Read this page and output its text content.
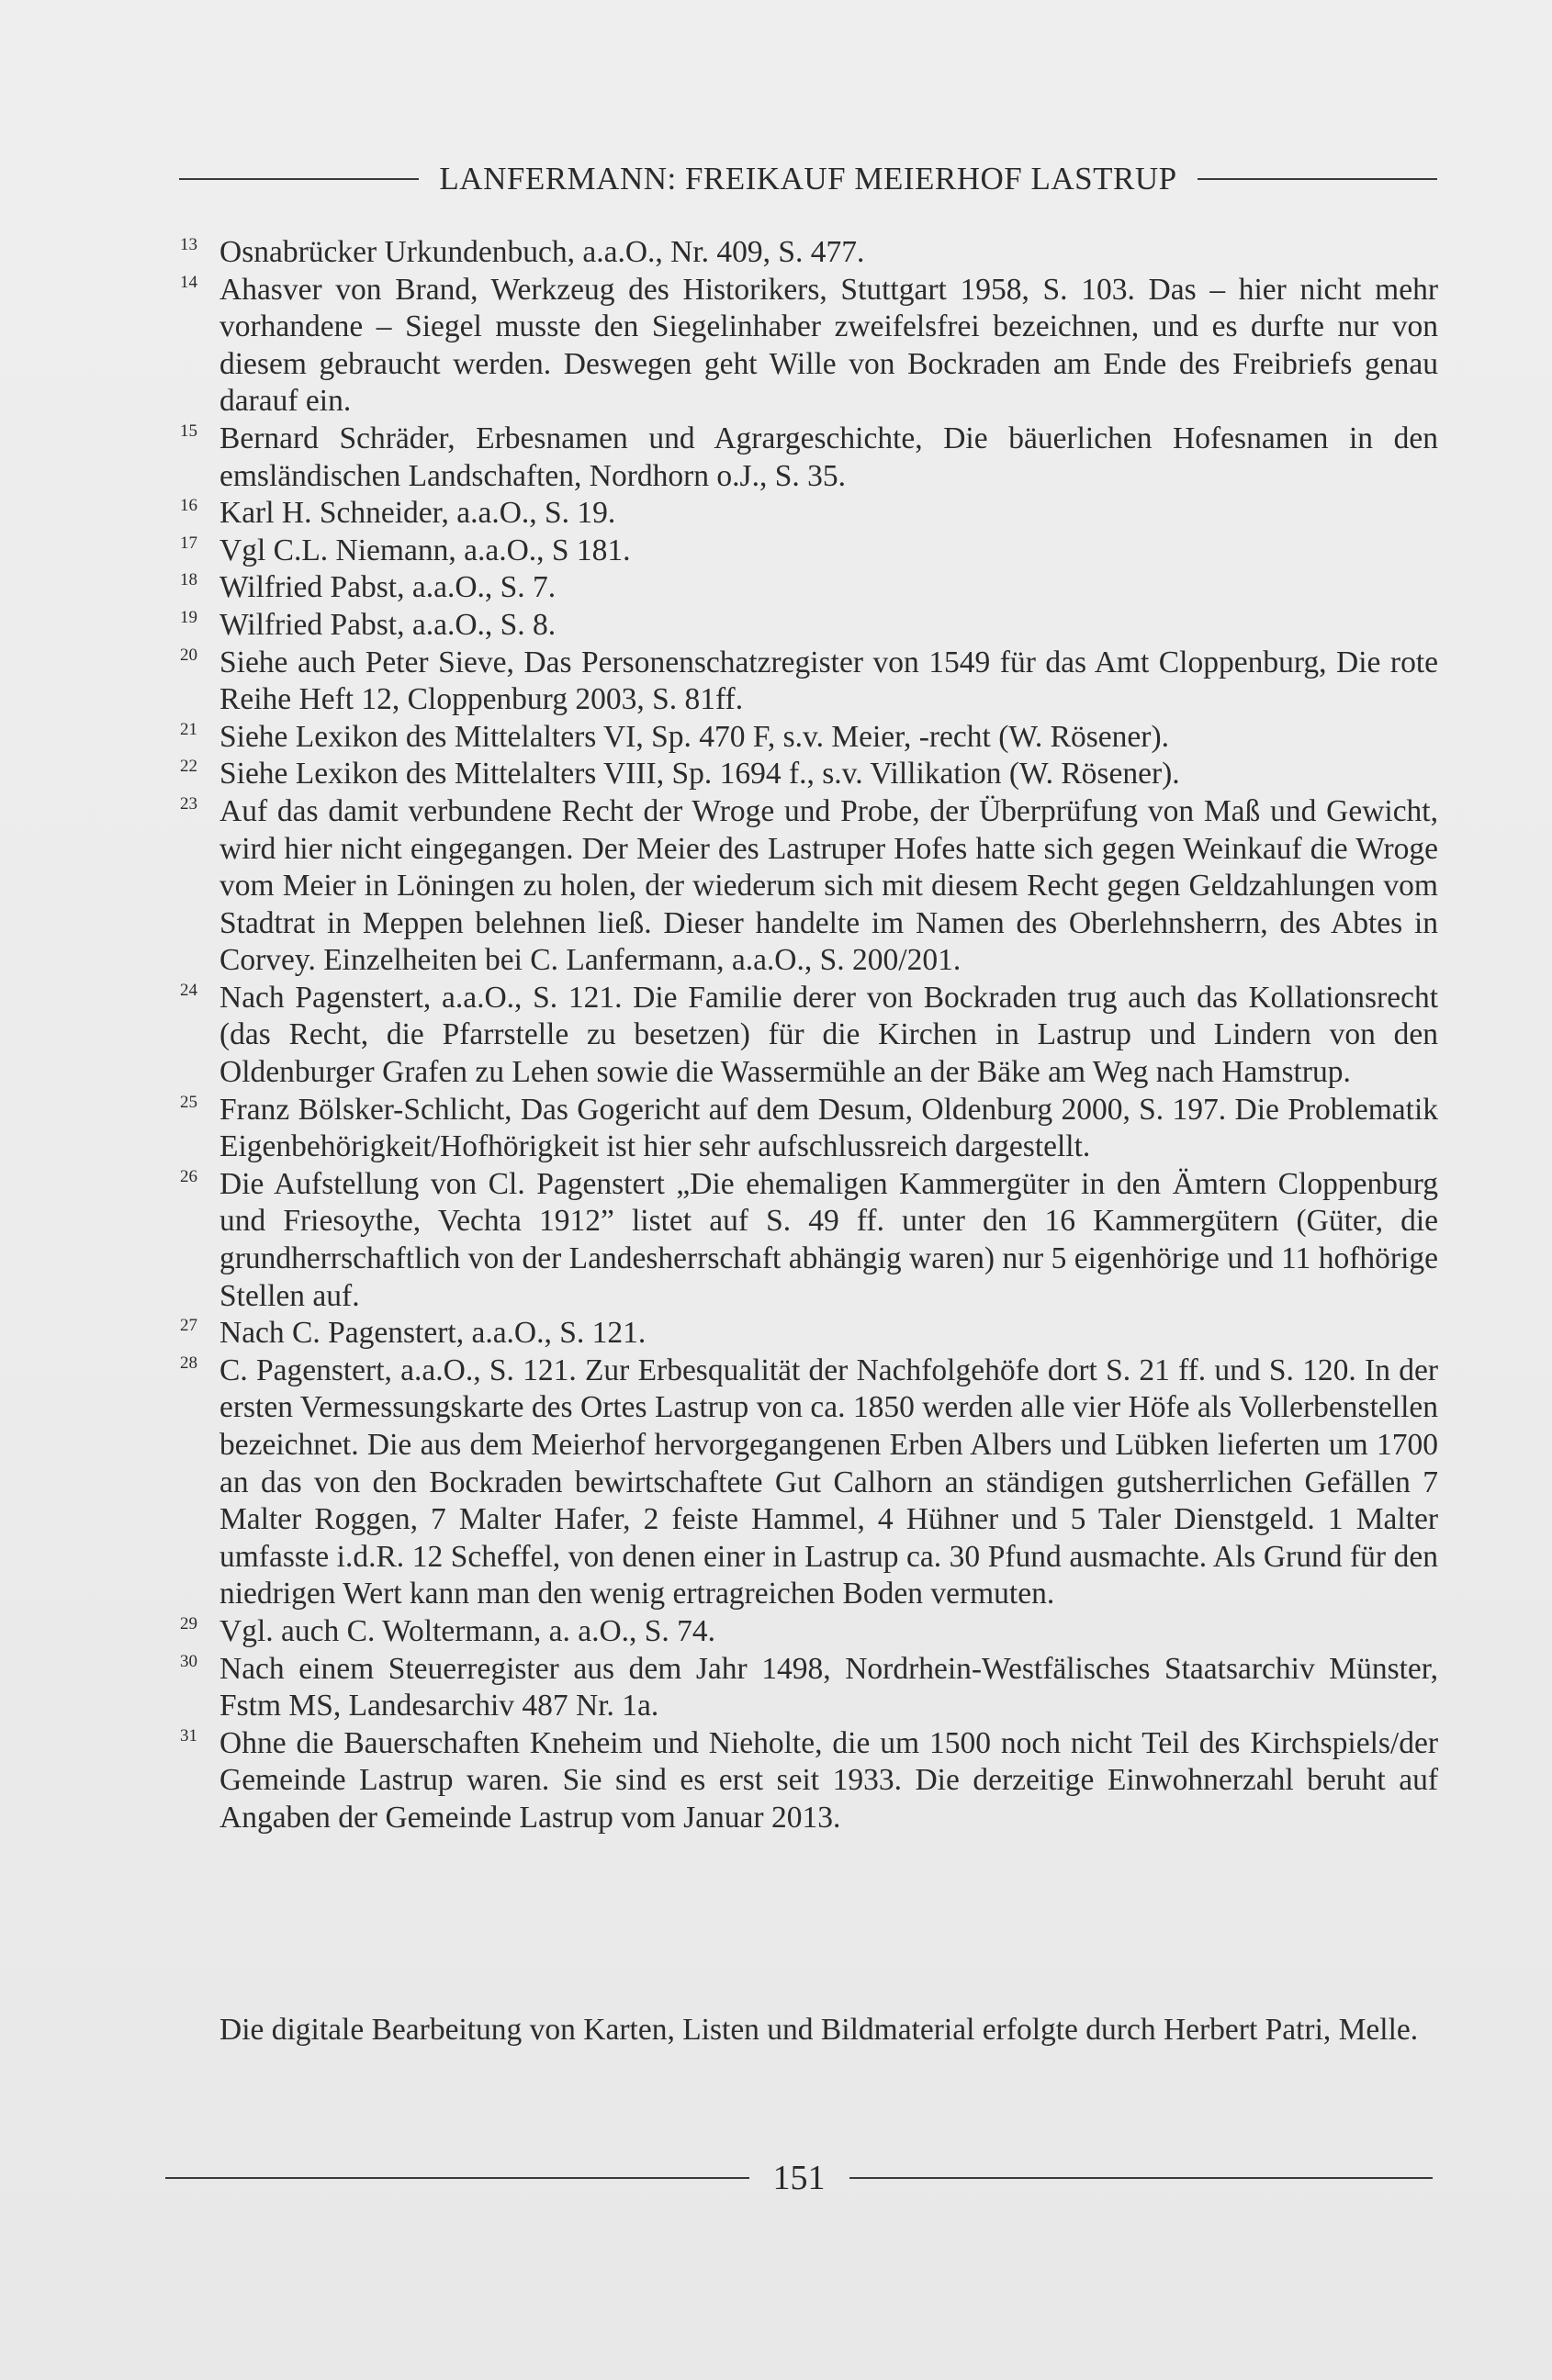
LANFERMANN: FREIKAUF MEIERHOF LASTRUP
13 Osnabrücker Urkundenbuch, a.a.O., Nr. 409, S. 477.
14 Ahasver von Brand, Werkzeug des Historikers, Stuttgart 1958, S. 103. Das – hier nicht mehr vorhandene – Siegel musste den Siegelinhaber zweifelsfrei bezeichnen, und es durfte nur von diesem gebraucht werden. Deswegen geht Wille von Bockraden am Ende des Freibriefs genau darauf ein.
15 Bernard Schräder, Erbesnamen und Agrargeschichte, Die bäuerlichen Hofesnamen in den emsländischen Landschaften, Nordhorn o.J., S. 35.
16 Karl H. Schneider, a.a.O., S. 19.
17 Vgl C.L. Niemann, a.a.O., S 181.
18 Wilfried Pabst, a.a.O., S. 7.
19 Wilfried Pabst, a.a.O., S. 8.
20 Siehe auch Peter Sieve, Das Personenschatzregister von 1549 für das Amt Cloppenburg, Die rote Reihe Heft 12, Cloppenburg 2003, S. 81ff.
21 Siehe Lexikon des Mittelalters VI, Sp. 470 F, s.v. Meier, -recht (W. Rösener).
22 Siehe Lexikon des Mittelalters VIII, Sp. 1694 f., s.v. Villikation (W. Rösener).
23 Auf das damit verbundene Recht der Wroge und Probe, der Überprüfung von Maß und Gewicht, wird hier nicht eingegangen. Der Meier des Lastruper Hofes hatte sich gegen Weinkauf die Wroge vom Meier in Löningen zu holen, der wiederum sich mit diesem Recht gegen Geldzahlungen vom Stadtrat in Meppen belehnen ließ. Dieser handelte im Namen des Oberlehnsherrn, des Abtes in Corvey. Einzelheiten bei C. Lanfermann, a.a.O., S. 200/201.
24 Nach Pagenstert, a.a.O., S. 121. Die Familie derer von Bockraden trug auch das Kollationsrecht (das Recht, die Pfarrstelle zu besetzen) für die Kirchen in Lastrup und Lindern von den Oldenburger Grafen zu Lehen sowie die Wassermühle an der Bäke am Weg nach Hamstrup.
25 Franz Bölsker-Schlicht, Das Gogericht auf dem Desum, Oldenburg 2000, S. 197. Die Problematik Eigenbehörigkeit/Hofhörigkeit ist hier sehr aufschlussreich dargestellt.
26 Die Aufstellung von Cl. Pagenstert „Die ehemaligen Kammergüter in den Ämtern Cloppenburg und Friesoythe, Vechta 1912” listet auf S. 49 ff. unter den 16 Kammergütern (Güter, die grundherrschaftlich von der Landesherrschaft abhängig waren) nur 5 eigenhörige und 11 hofhörige Stellen auf.
27 Nach C. Pagenstert, a.a.O., S. 121.
28 C. Pagenstert, a.a.O., S. 121. Zur Erbesqualität der Nachfolgehöfe dort S. 21 ff. und S. 120. In der ersten Vermessungskarte des Ortes Lastrup von ca. 1850 werden alle vier Höfe als Vollerbenstellen bezeichnet. Die aus dem Meierhof hervorgegangenen Erben Albers und Lübken lieferten um 1700 an das von den Bockraden bewirtschaftete Gut Calhorn an ständigen gutsherrlichen Gefällen 7 Malter Roggen, 7 Malter Hafer, 2 feiste Hammel, 4 Hühner und 5 Taler Dienstgeld. 1 Malter umfasste i.d.R. 12 Scheffel, von denen einer in Lastrup ca. 30 Pfund ausmachte. Als Grund für den niedrigen Wert kann man den wenig ertragreichen Boden vermuten.
29 Vgl. auch C. Woltermann, a. a.O., S. 74.
30 Nach einem Steuerregister aus dem Jahr 1498, Nordrhein-Westfälisches Staatsarchiv Münster, Fstm MS, Landesarchiv 487 Nr. 1a.
31 Ohne die Bauerschaften Kneheim und Nieholte, die um 1500 noch nicht Teil des Kirchspiels/der Gemeinde Lastrup waren. Sie sind es erst seit 1933. Die derzeitige Einwohnerzahl beruht auf Angaben der Gemeinde Lastrup vom Januar 2013.
Die digitale Bearbeitung von Karten, Listen und Bildmaterial erfolgte durch Herbert Patri, Melle.
151
